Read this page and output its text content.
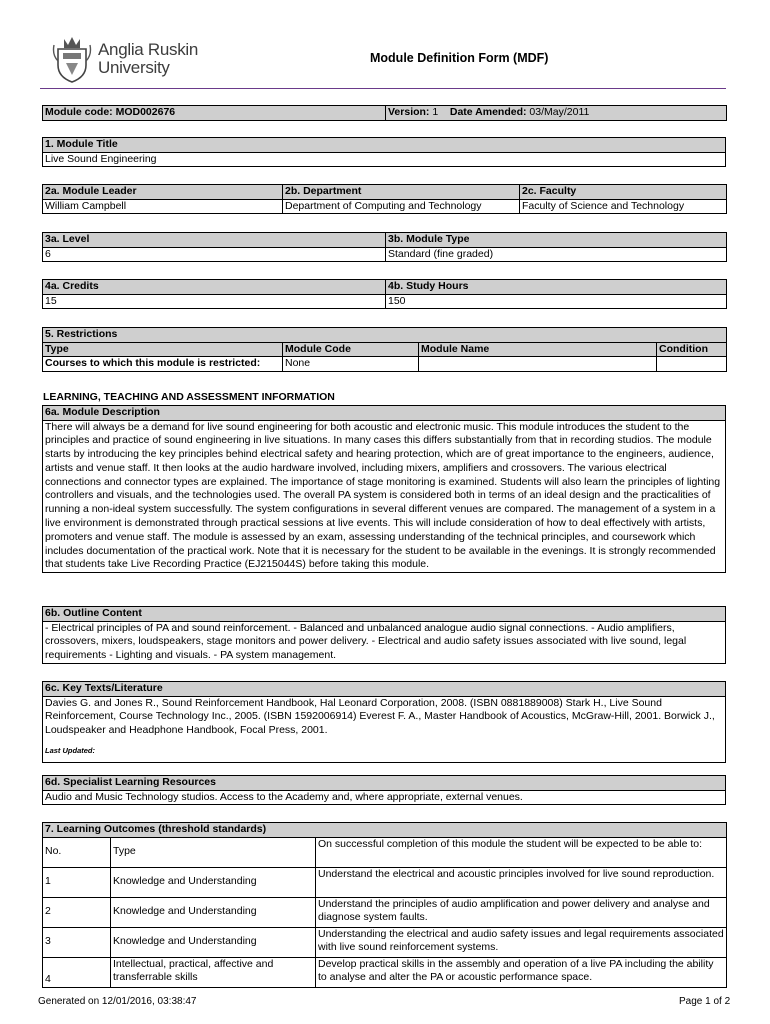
Anglia Ruskin
University	Module Definition Form (MDF)
Module code: MOD002676	Version: 1 Date Amended: 03/May/2011
1. Module Title
Live Sound Engineering
2a. Module Leader	2b. Department	2c. Faculty
William Campbell	Department of Computing and Technology	Faculty of Science and Technology
3a. Level	3b. Module Type
6	Standard (fine graded)
4a. Credits	4b. Study Hours
15	150
5. Restrictions			
Type	Module Code	Module Name	Condition
Courses to which this module is restricted:	None		
LEARNING, TEACHING AND ASSESSMENT INFORMATION
6a. Module Description
There will always be a demand for live sound engineering for both acoustic and electronic music. This module introduces the student to the principles and practice of sound engineering in live situations. In many cases this differs substantially from that in recording studios. The module starts by introducing the key principles behind electrical safety and hearing protection, which are of great importance to the engineers, audience, artists and venue staff. It then looks at the audio hardware involved, including mixers, amplifiers and crossovers. The various electrical connections and connector types are explained. The importance of stage monitoring is examined. Students will also learn the principles of lighting controllers and visuals, and the technologies used. The overall PA system is considered both in terms of an ideal design and the practicalities of running a non-ideal system successfully. The system configurations in several different venues are compared. The management of a system in a live environment is demonstrated through practical sessions at live events. This will include consideration of how to deal effectively with artists, promoters and venue staff. The module is assessed by an exam, assessing understanding of the technical principles, and coursework which includes documentation of the practical work. Note that it is necessary for the student to be available in the evenings. It is strongly recommended that students take Live Recording Practice (EJ215044S) before taking this module.
6b. Outline Content
- Electrical principles of PA and sound reinforcement. - Balanced and unbalanced analogue audio signal connections. - Audio amplifiers, crossovers, mixers, loudspeakers, stage monitors and power delivery. - Electrical and audio safety issues associated with live sound, legal requirements - Lighting and visuals. - PA system management.
6c. Key Texts/Literature

Davies G. and Jones R., Sound Reinforcement Handbook, Hal Leonard Corporation, 2008. (ISBN 0881889008) Stark H., Live Sound Reinforcement, Course Technology Inc., 2005. (ISBN 1592006914) Everest F. A., Master Handbook of Acoustics, McGraw-Hill, 2001. Borwick J., Loudspeaker and Headphone Handbook, Focal Press, 2001.
Last Updated:
6d. Specialist Learning Resources
Audio and Music Technology studios. Access to the Academy and, where appropriate, external venues.
7. Learning Outcomes (threshold standards)		
No.	Type	On successful completion of this module the student will be expected to be able to:
1	Knowledge and Understanding	Understand the electrical and acoustic principles involved for live sound reproduction.
2	Knowledge and Understanding	Understand the principles of audio amplification and power delivery and analyse and diagnose system faults.
3	Knowledge and Understanding	Understanding the electrical and audio safety issues and legal requirements associated with live sound reinforcement systems.
4	Intellectual, practical, affective and transferrable skills	Develop practical skills in the assembly and operation of a live PA including the ability to analyse and alter the PA or acoustic performance space.
Generated on 12/01/2016, 03:38:47	Page 1 of 2
